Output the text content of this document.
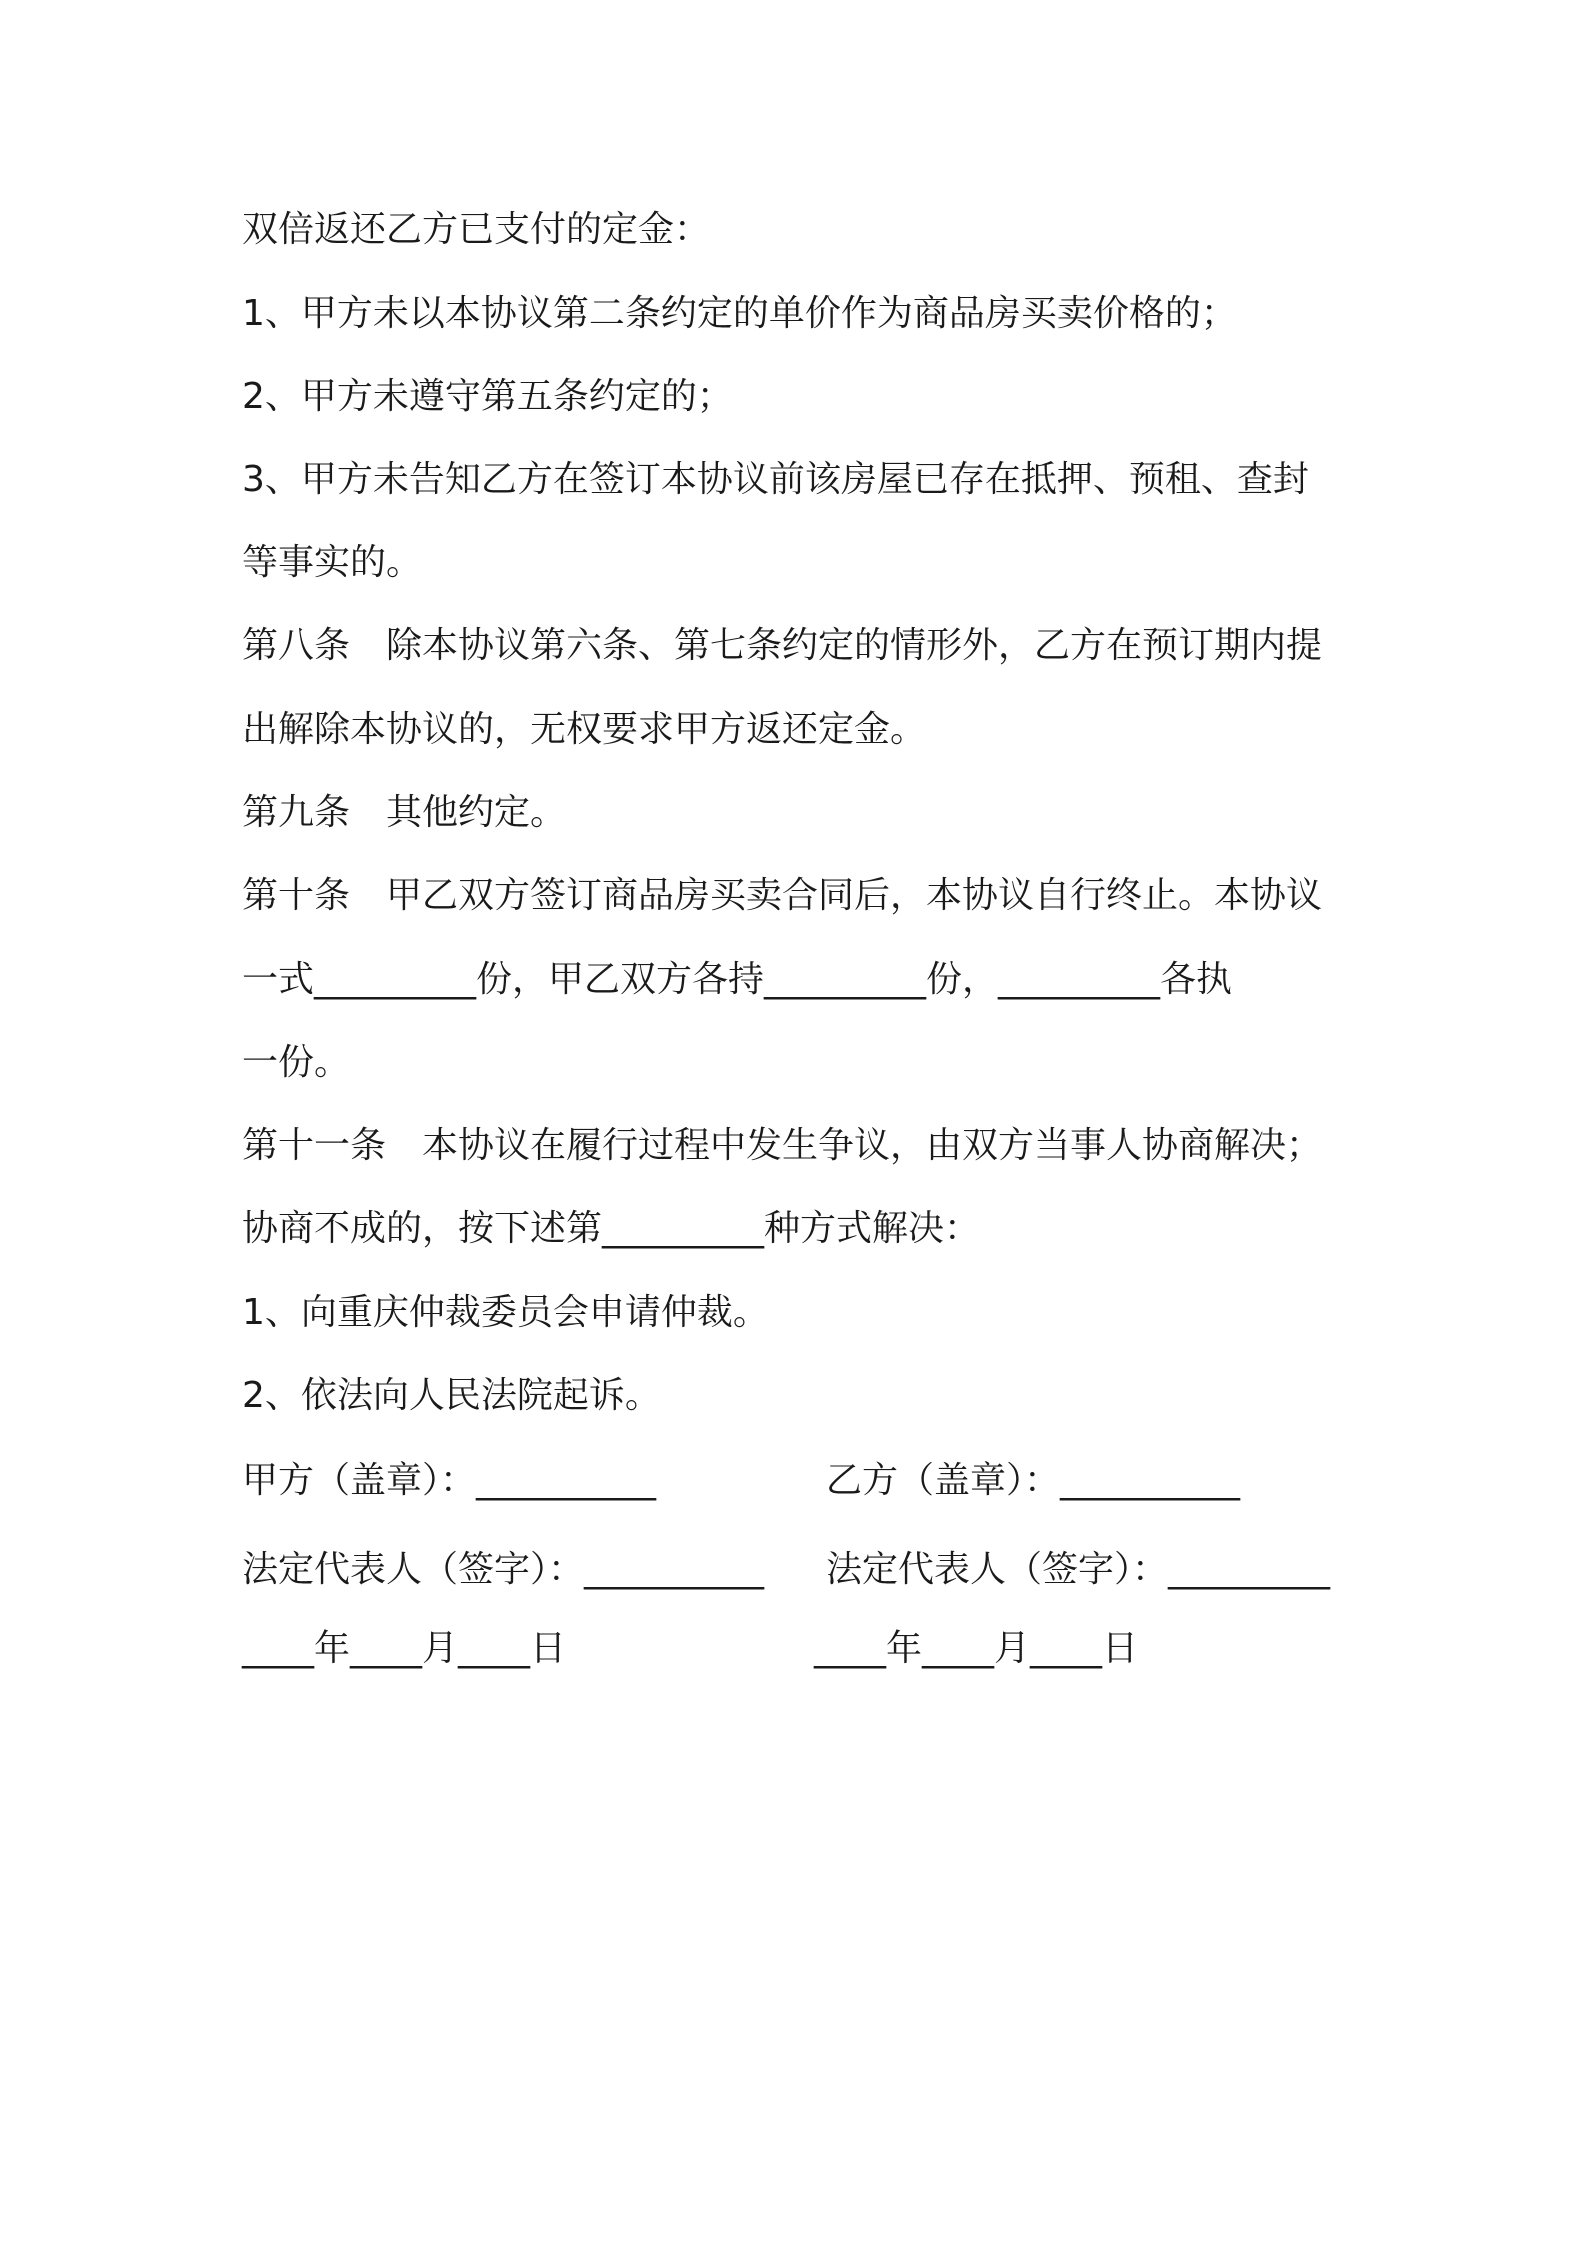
双倍返还乙方已支付的定金：

1、甲方未以本协议第二条约定的单价作为商品房买卖价格的；

2、甲方未遵守第五条约定的；

3、甲方未告知乙方在签订本协议前该房屋已存在抵押、预租、查封

等事实的。

第八条　除本协议第六条、第七条约定的情形外，乙方在预订期内提

出解除本协议的，无权要求甲方返还定金。

第九条　其他约定。

第十条　甲乙双方签订商品房买卖合同后，本协议自行终止。本协议

一式_________份，甲乙双方各持_________份，_________各执

一份。

第十一条　本协议在履行过程中发生争议，由双方当事人协商解决；

协商不成的，按下述第_________种方式解决：

1、向重庆仲裁委员会申请仲裁。

2、依法向人民法院起诉。

甲方（盖章）：__________	乙方（盖章）：__________
法定代表人（签字）：__________ 法定代表人（签字）：_________
____年____月____日	____年____月____日
